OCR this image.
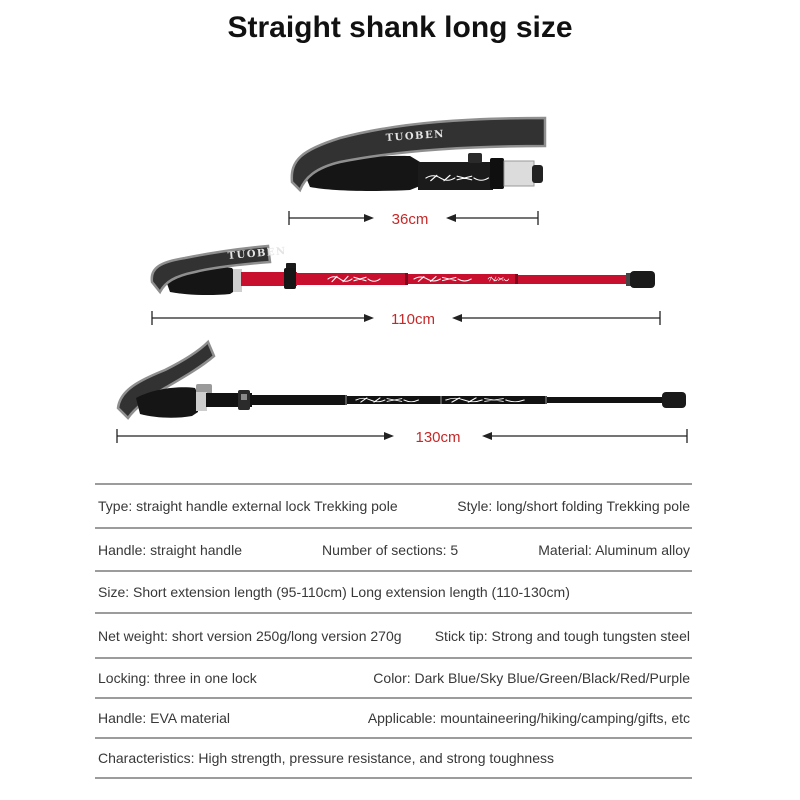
Straight shank long size
TUOBEN
36cm
TUOBEN
110cm
130cm
Type: straight handle external lock Trekking pole	Style: long/short folding Trekking pole
Handle: straight handle	Number of sections: 5	Material: Aluminum alloy
Size: Short extension length (95-110cm) Long extension length (110-130cm)
Net weight: short version 250g/long version 270g Stick tip: Strong and tough tungsten steel
Locking: three in one lock	Color: Dark Blue/Sky Blue/Green/Black/Red/Purple
Handle: EVA material	Applicable: mountaineering/hiking/camping/gifts, etc
Characteristics: High strength, pressure resistance, and strong toughness
